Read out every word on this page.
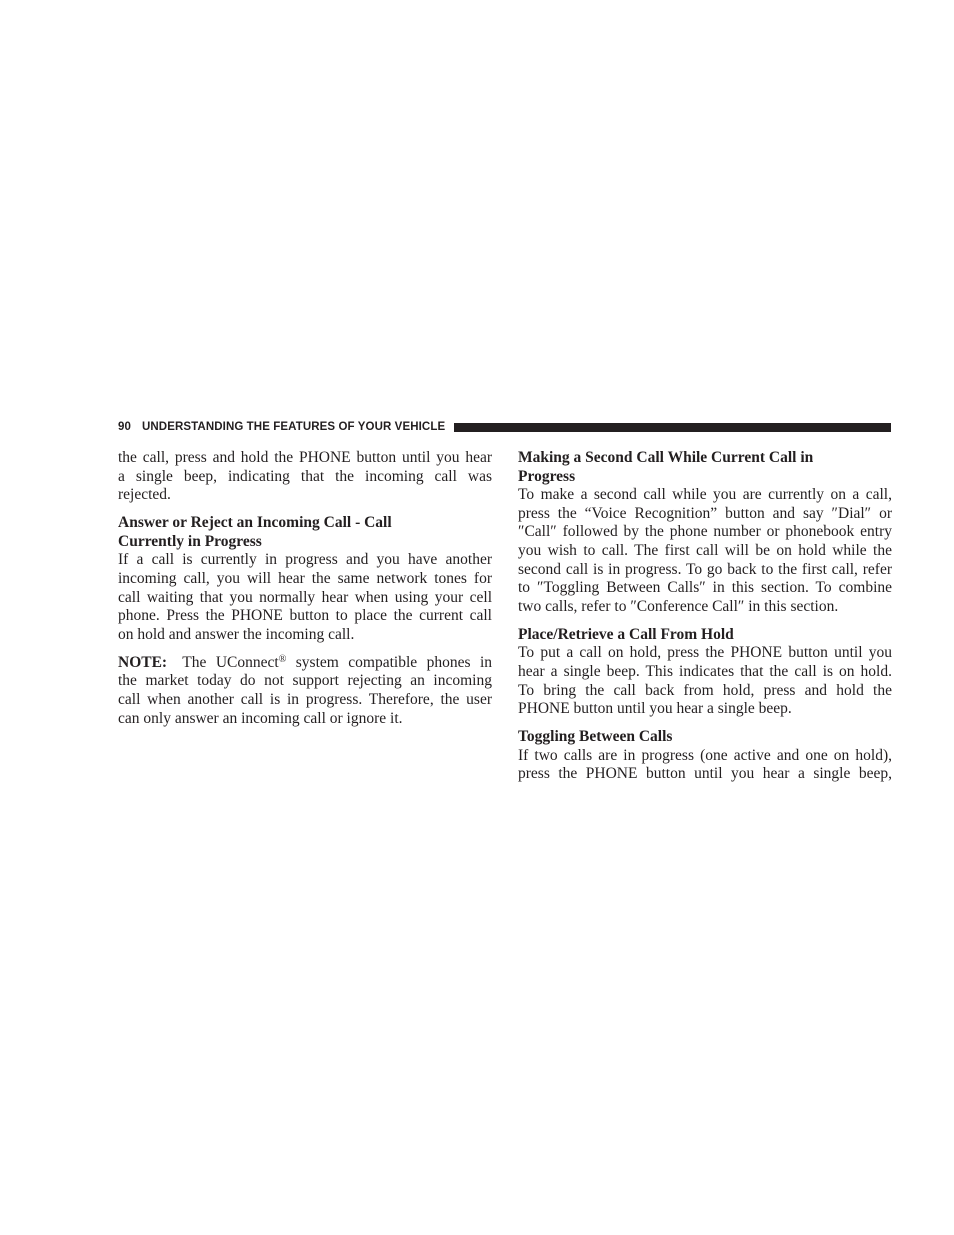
90 UNDERSTANDING THE FEATURES OF YOUR VEHICLE
the call, press and hold the PHONE button until you hear
a single beep, indicating that the incoming call was
rejected.
Answer or Reject an Incoming Call - Call
Currently in Progress
If a call is currently in progress and you have another
incoming call, you will hear the same network tones for
call waiting that you normally hear when using your cell
phone. Press the PHONE button to place the current call
on hold and answer the incoming call.
NOTE: The UConnect® system compatible phones in
the market today do not support rejecting an incoming
call when another call is in progress. Therefore, the user
can only answer an incoming call or ignore it.
Making a Second Call While Current Call in
Progress
To make a second call while you are currently on a call,
press the “Voice Recognition” button and say ″Dial″ or
″Call″ followed by the phone number or phonebook entry
you wish to call. The first call will be on hold while the
second call is in progress. To go back to the first call, refer
to ″Toggling Between Calls″ in this section. To combine
two calls, refer to ″Conference Call″ in this section.
Place/Retrieve a Call From Hold
To put a call on hold, press the PHONE button until you
hear a single beep. This indicates that the call is on hold.
To bring the call back from hold, press and hold the
PHONE button until you hear a single beep.
Toggling Between Calls
If two calls are in progress (one active and one on hold),
press the PHONE button until you hear a single beep,
